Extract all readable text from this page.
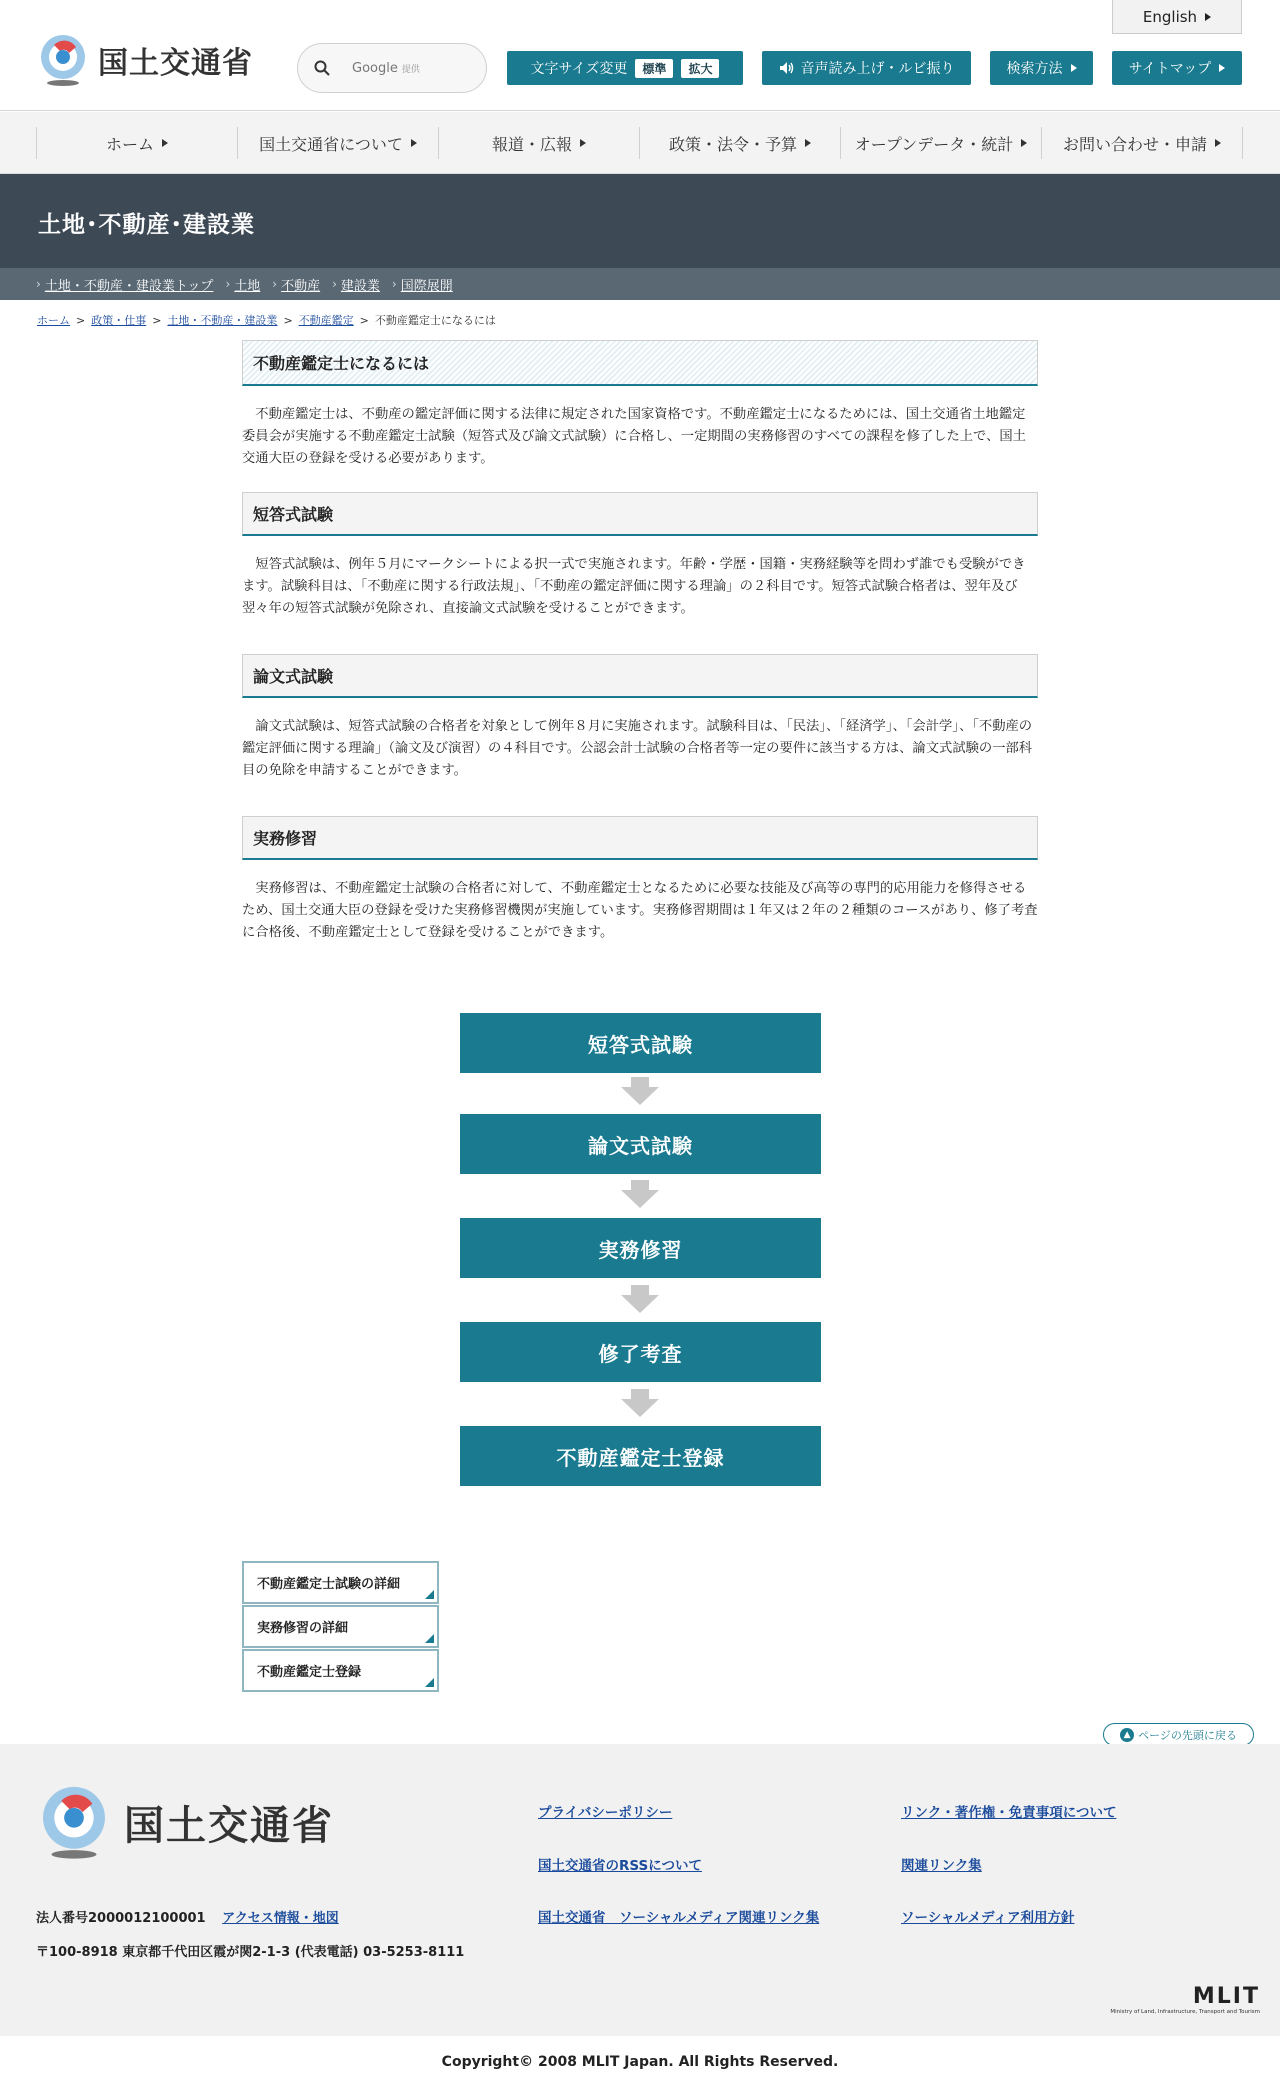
国土交通省	Google 提供
English
文字サイズ変更	標準	拡大	音声読み上げ・ルビ振り	検索方法	サイトマップ
ホーム	国土交通省について	報道・広報	政策・法令・予算	オープンデータ・統計	お問い合わせ・申請
土地･不動産･建設業
› 土地・不動産・建設業トップ › 土地 › 不動産 › 建設業 › 国際展開
ホーム > 政策・仕事 > 土地・不動産・建設業 > 不動産鑑定 > 不動産鑑定士になるには
不動産鑑定士になるには

不動産鑑定士は、不動産の鑑定評価に関する法律に規定された国家資格です。不動産鑑定士になるためには、国土交通省土地鑑定委員会が実施する不動産鑑定士試験（短答式及び論文式試験）に合格し、一定期間の実務修習のすべての課程を修了した上で、国土交通大臣の登録を受ける必要があります。

短答式試験

短答式試験は、例年５月にマークシートによる択一式で実施されます。年齢・学歴・国籍・実務経験等を問わず誰でも受験ができます。試験科目は、「不動産に関する行政法規」、「不動産の鑑定評価に関する理論」の２科目です。短答式試験合格者は、翌年及び翌々年の短答式試験が免除され、直接論文式試験を受けることができます。

論文式試験

論文式試験は、短答式試験の合格者を対象として例年８月に実施されます。試験科目は、「民法」、「経済学」、「会計学」、「不動産の鑑定評価に関する理論」（論文及び演習）の４科目です。公認会計士試験の合格者等一定の要件に該当する方は、論文式試験の一部科目の免除を申請することができます。

実務修習

実務修習は、不動産鑑定士試験の合格者に対して、不動産鑑定士となるために必要な技能及び高等の専門的応用能力を修得させるため、国土交通大臣の登録を受けた実務修習機関が実施しています。実務修習期間は１年又は２年の２種類のコースがあり、修了考査に合格後、不動産鑑定士として登録を受けることができます。

短答式試験
論文式試験
実務修習
修了考査
不動産鑑定士登録
不動産鑑定士試験の詳細
実務修習の詳細
不動産鑑定士登録
▲ ページの先頭に戻る
国土交通省
法人番号2000012100001 アクセス情報・地図
〒100-8918 東京都千代田区霞が関2-1-3 (代表電話) 03-5253-8111
プライバシーポリシー
国土交通省のRSSについて
国土交通省　ソーシャルメディア関連リンク集
リンク・著作権・免責事項について
関連リンク集
ソーシャルメディア利用方針
MLIT
Ministry of Land, Infrastructure, Transport and Tourism
Copyright© 2008 MLIT Japan. All Rights Reserved.
